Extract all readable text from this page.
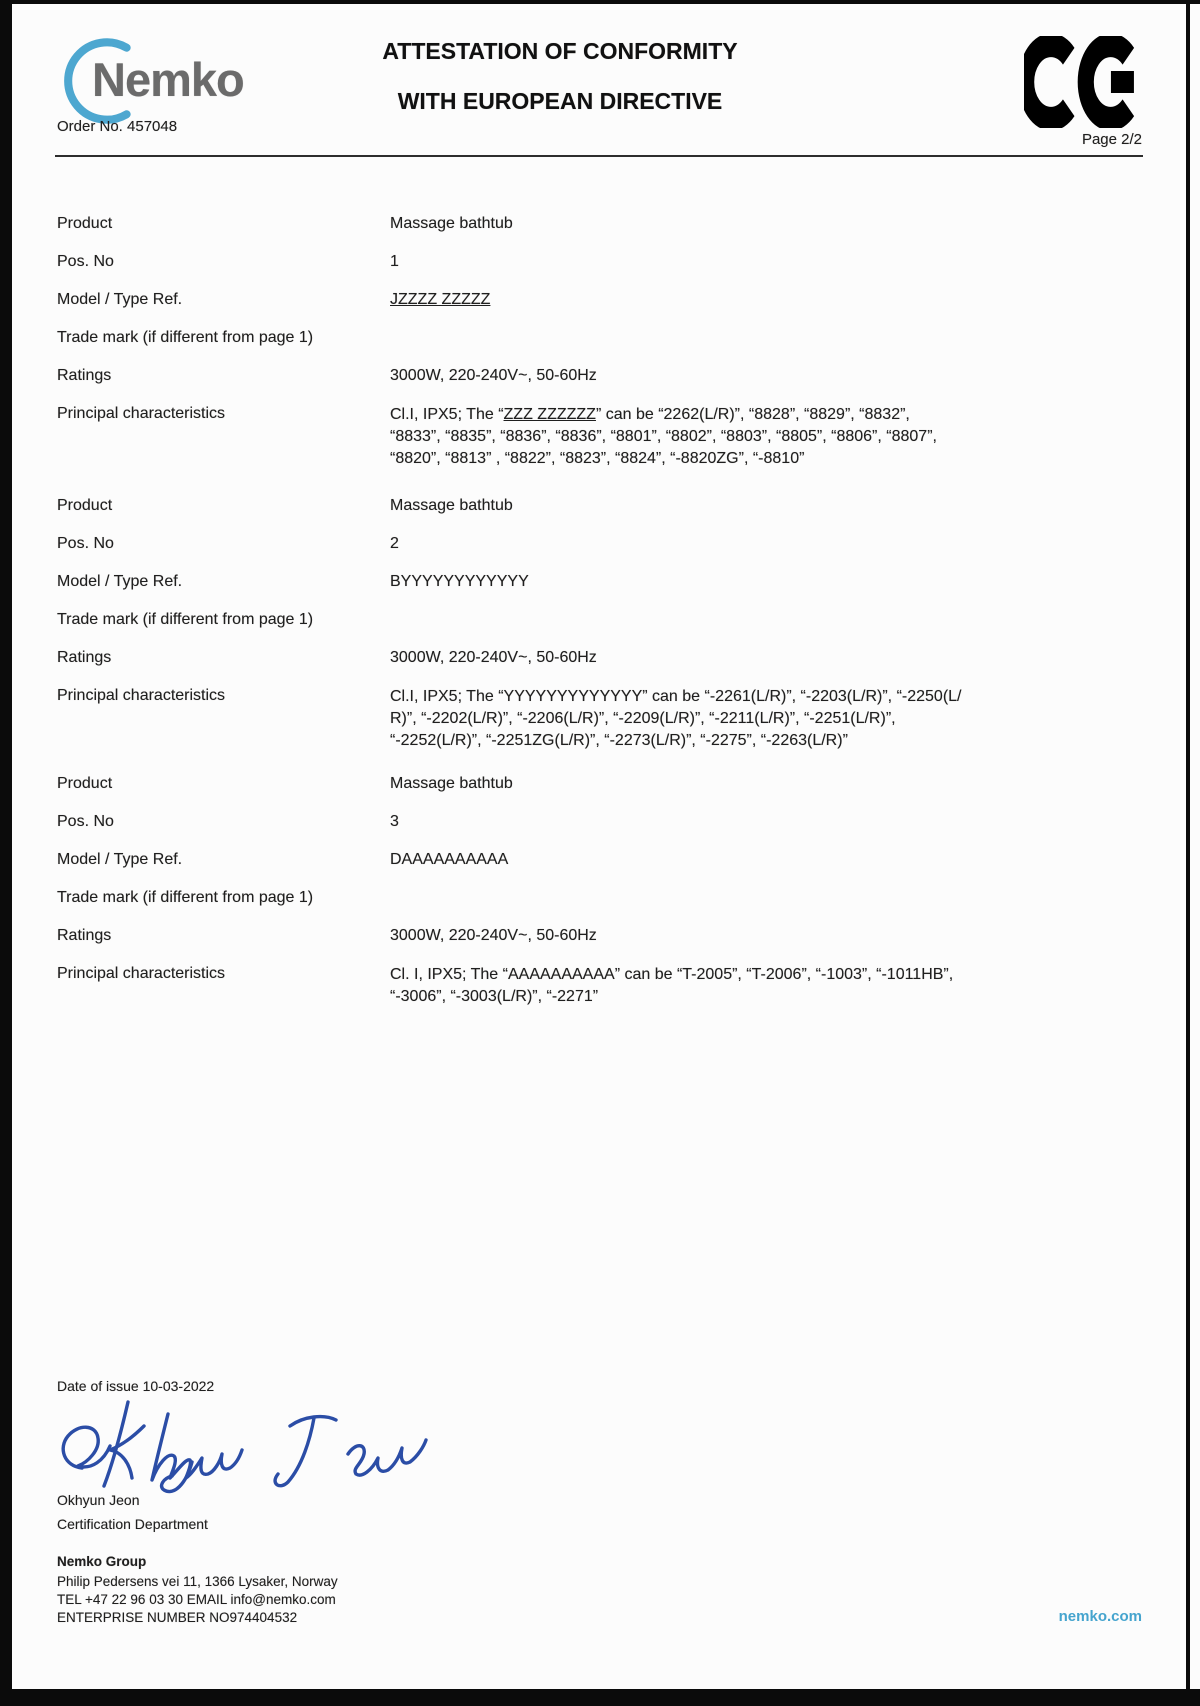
Nemko
Order No. 457048
ATTESTATION OF CONFORMITY
WITH EUROPEAN DIRECTIVE
Page 2/2
Product	Massage bathtub
Pos. No	1
Model / Type Ref.	JZZZZ ZZZZZ
Trade mark (if different from page 1)
Ratings	3000W, 220-240V~, 50-60Hz
Principal characteristics	Cl.I, IPX5; The “ZZZ ZZZZZZ” can be “2262(L/R)”, “8828”, “8829”, “8832”,
“8833”, “8835”, “8836”, “8836”, “8801”, “8802”, “8803”, “8805”, “8806”, “8807”,
“8820”, “8813” , “8822”, “8823”, “8824”, “-8820ZG”, “-8810”
Product	Massage bathtub
Pos. No	2
Model / Type Ref.	BYYYYYYYYYYYY
Trade mark (if different from page 1)
Ratings	3000W, 220-240V~, 50-60Hz
Principal characteristics	Cl.I, IPX5; The “YYYYYYYYYYYYY” can be “-2261(L/R)”, “-2203(L/R)”, “-2250(L/
R)”, “-2202(L/R)”, “-2206(L/R)”, “-2209(L/R)”, “-2211(L/R)”, “-2251(L/R)”,
“-2252(L/R)”, “-2251ZG(L/R)”, “-2273(L/R)”, “-2275”, “-2263(L/R)”
Product	Massage bathtub
Pos. No	3
Model / Type Ref.	DAAAAAAAAAA
Trade mark (if different from page 1)
Ratings	3000W, 220-240V~, 50-60Hz
Principal characteristics	Cl. I, IPX5; The “AAAAAAAAAA” can be “T-2005”, “T-2006”, “-1003”, “-1011HB”,
“-3006”, “-3003(L/R)”, “-2271”
Date of issue 10-03-2022
Okhyun Jeon
Certification Department
Nemko Group
Philip Pedersens vei 11, 1366 Lysaker, Norway
TEL +47 22 96 03 30 EMAIL info@nemko.com
ENTERPRISE NUMBER NO974404532	nemko.com
